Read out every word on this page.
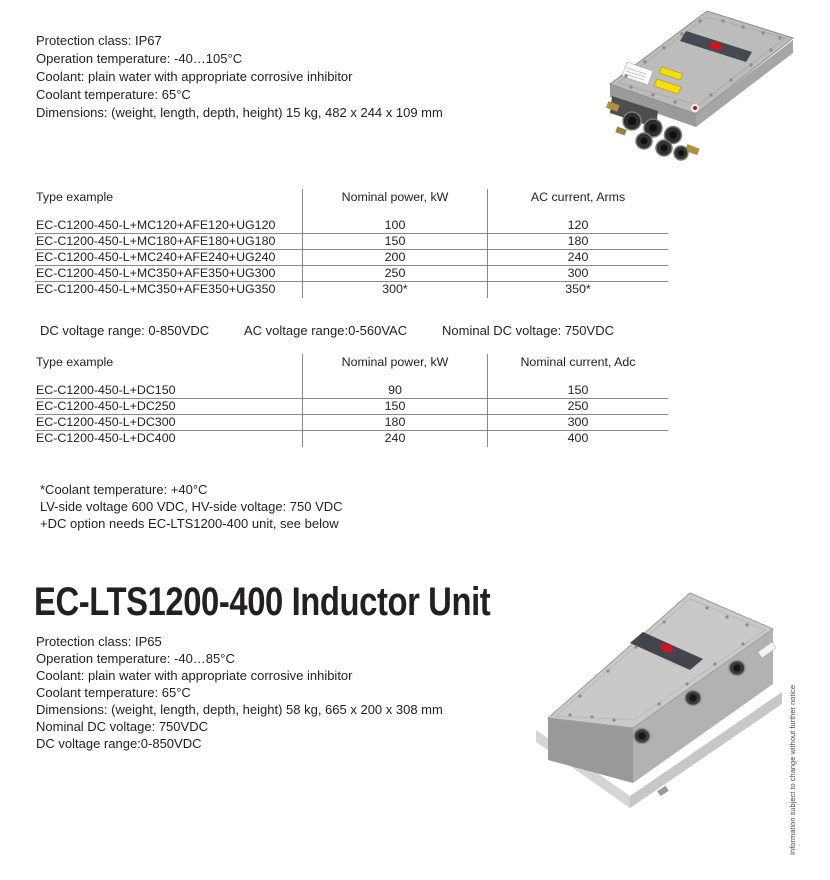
Protection class: IP67
Operation temperature: -40…105°C
Coolant: plain water with appropriate corrosive inhibitor
Coolant temperature: 65°C
Dimensions: (weight, length, depth, height) 15 kg, 482 x 244 x 109 mm
Type example	Nominal power, kW	AC current, Arms
EC-C1200-450-L+MC120+AFE120+UG120	100	120
EC-C1200-450-L+MC180+AFE180+UG180	150	180
EC-C1200-450-L+MC240+AFE240+UG240	200	240
EC-C1200-450-L+MC350+AFE350+UG300	250	300
EC-C1200-450-L+MC350+AFE350+UG350	300*	350*
DC voltage range: 0-850VDC	AC voltage range:0-560VAC	Nominal DC voltage: 750VDC
Type example	Nominal power, kW	Nominal current, Adc
EC-C1200-450-L+DC150	90	150
EC-C1200-450-L+DC250	150	250
EC-C1200-450-L+DC300	180	300
EC-C1200-450-L+DC400	240	400
*Coolant temperature: +40°C
LV-side voltage 600 VDC, HV-side voltage: 750 VDC
+DC option needs EC-LTS1200-400 unit, see below
EC-LTS1200-400 Inductor Unit
Protection class: IP65
Operation temperature: -40…85°C
Coolant: plain water with appropriate corrosive inhibitor
Coolant temperature: 65°C
Dimensions: (weight, length, depth, height) 58 kg, 665 x 200 x 308 mm
Nominal DC voltage: 750VDC
DC voltage range:0-850VDC	Information subject to change without further notice
